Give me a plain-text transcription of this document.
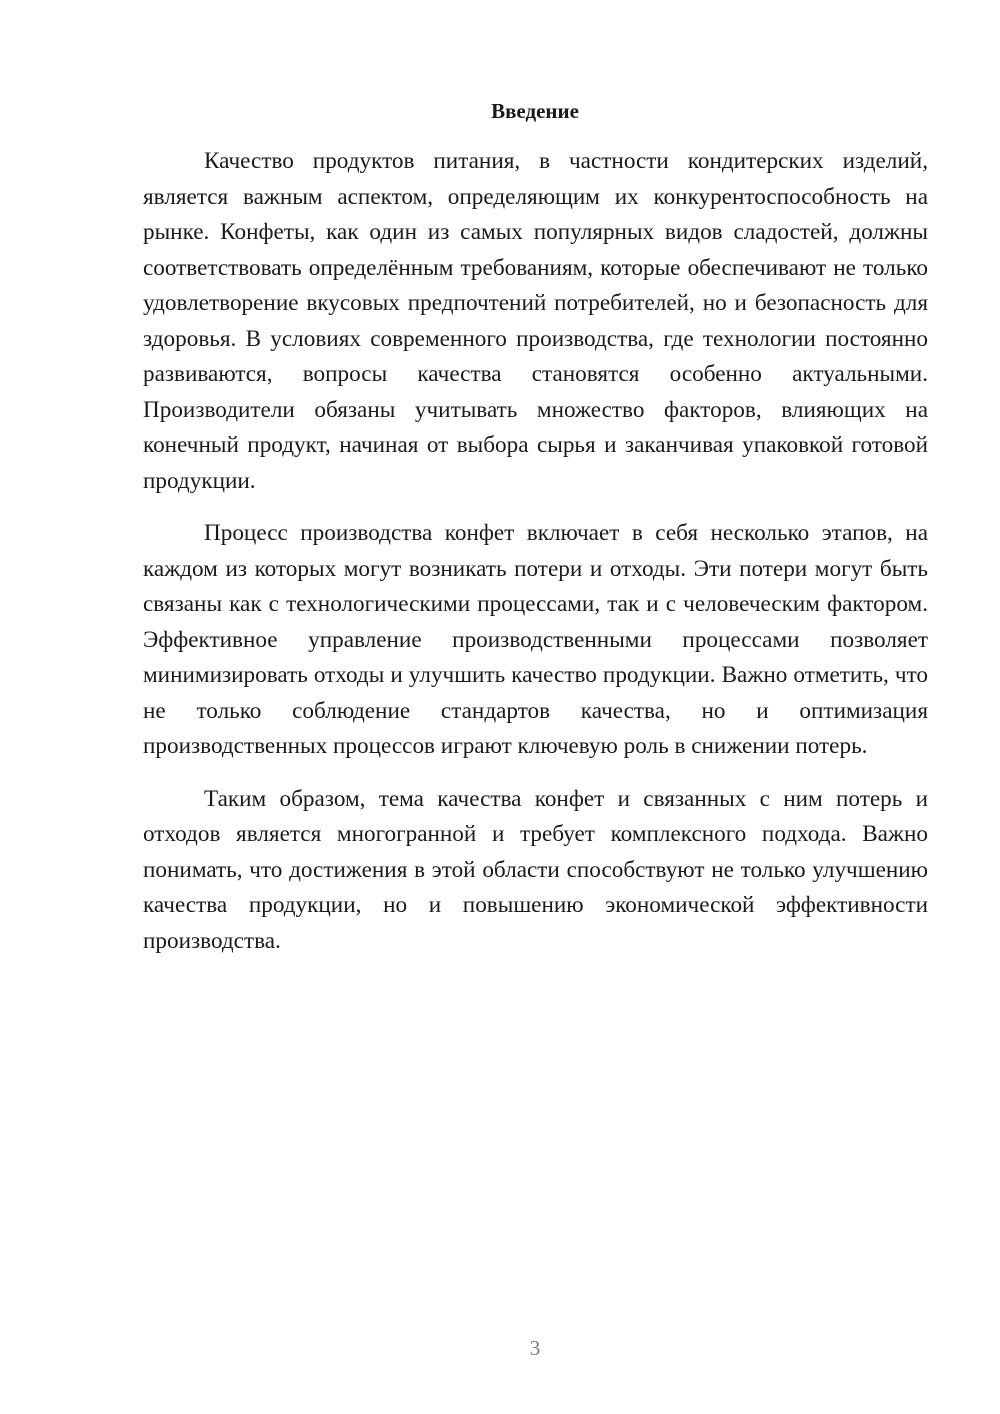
Введение

Качество продуктов питания, в частности кондитерских изделий, является важным аспектом, определяющим их конкурентоспособность на рынке. Конфеты, как один из самых популярных видов сладостей, должны соответствовать определённым требованиям, которые обеспечивают не только удовлетворение вкусовых предпочтений потребителей, но и безопасность для здоровья. В условиях современного производства, где технологии постоянно развиваются, вопросы качества становятся особенно актуальными. Производители обязаны учитывать множество факторов, влияющих на конечный продукт, начиная от выбора сырья и заканчивая упаковкой готовой продукции.

Процесс производства конфет включает в себя несколько этапов, на каждом из которых могут возникать потери и отходы. Эти потери могут быть связаны как с технологическими процессами, так и с человеческим фактором. Эффективное управление производственными процессами позволяет минимизировать отходы и улучшить качество продукции. Важно отметить, что не только соблюдение стандартов качества, но и оптимизация производственных процессов играют ключевую роль в снижении потерь.

Таким образом, тема качества конфет и связанных с ним потерь и отходов является многогранной и требует комплексного подхода. Важно понимать, что достижения в этой области способствуют не только улучшению качества продукции, но и повышению экономической эффективности производства.

3
